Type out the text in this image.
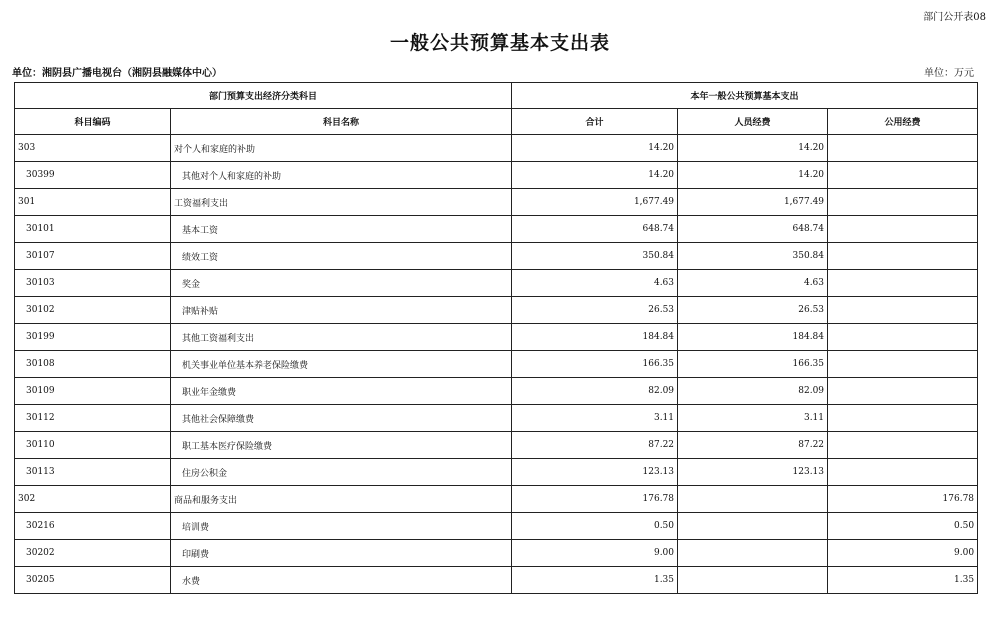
部门公开表08
一般公共预算基本支出表
单位：湘阴县广播电视台（湘阴县融媒体中心）	单位：万元
部门预算支出经济分类科目		本年一般公共预算基本支出		
科目编码	科目名称	合计	人员经费	公用经费
303	对个人和家庭的补助	14.20	14.20	
30399	其他对个人和家庭的补助	14.20	14.20	
301	工资福利支出	1,677.49	1,677.49	
30101	基本工资	648.74	648.74	
30107	绩效工资	350.84	350.84	
30103	奖金	4.63	4.63	
30102	津贴补贴	26.53	26.53	
30199	其他工资福利支出	184.84	184.84	
30108	机关事业单位基本养老保险缴费	166.35	166.35	
30109	职业年金缴费	82.09	82.09	
30112	其他社会保障缴费	3.11	3.11	
30110	职工基本医疗保险缴费	87.22	87.22	
30113	住房公积金	123.13	123.13	
302	商品和服务支出	176.78		176.78
30216	培训费	0.50		0.50
30202	印刷费	9.00		9.00
30205	水费	1.35		1.35
